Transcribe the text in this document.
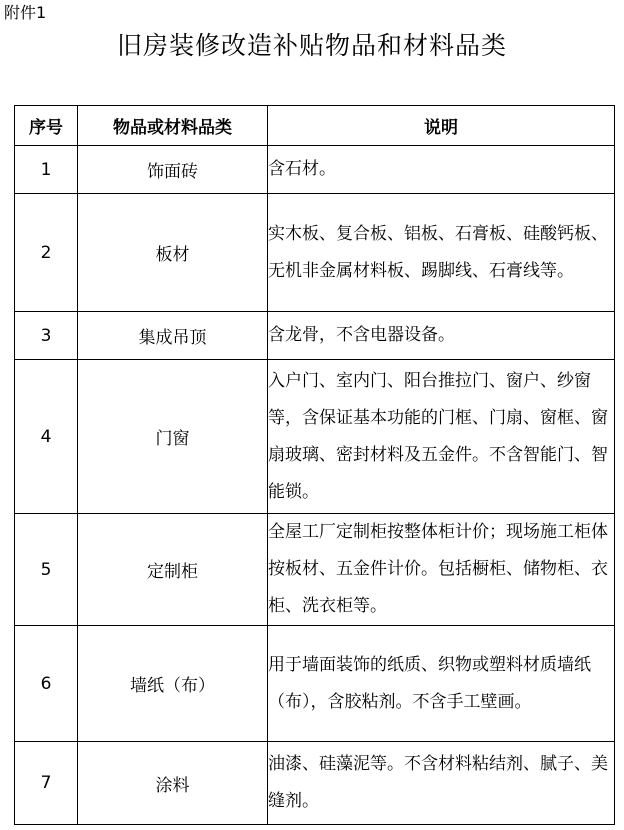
附件1
旧房装修改造补贴物品和材料品类
序号	物品或材料品类	说明
1	饰面砖	含石材。
2	板材	实木板、复合板、铝板、石膏板、硅酸钙板、无机非金属材料板、踢脚线、石膏线等。
3	集成吊顶	含龙骨，不含电器设备。
4	门窗	入户门、室内门、阳台推拉门、窗户、纱窗等，含保证基本功能的门框、门扇、窗框、窗扇玻璃、密封材料及五金件。不含智能门、智能锁。
5	定制柜	全屋工厂定制柜按整体柜计价；现场施工柜体按板材、五金件计价。包括橱柜、储物柜、衣柜、洗衣柜等。
6	墙纸（布）	用于墙面装饰的纸质、织物或塑料材质墙纸（布），含胶粘剂。不含手工壁画。
7	涂料	油漆、硅藻泥等。不含材料粘结剂、腻子、美缝剂。
